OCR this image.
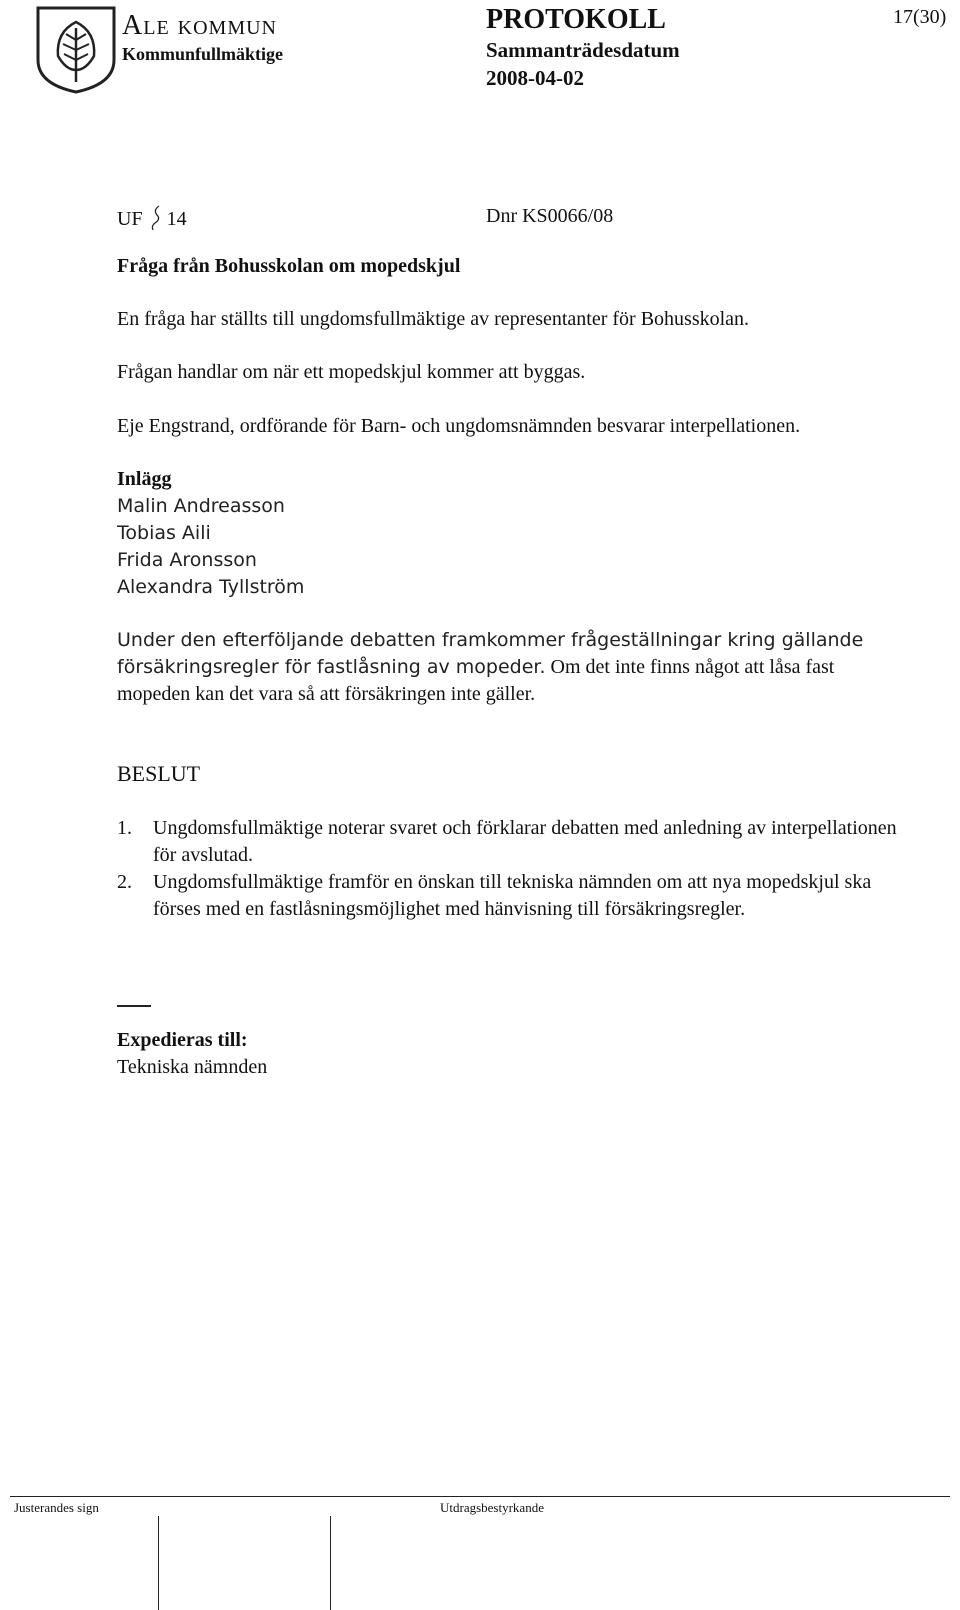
Ale kommun
Kommunfullmäktige
PROTOKOLL
Sammanträdesdatum
2008-04-02
17(30)
UF 14	Dnr KS0066/08
Fråga från Bohusskolan om mopedskjul
En fråga har ställts till ungdomsfullmäktige av representanter för Bohusskolan.
Frågan handlar om när ett mopedskjul kommer att byggas.
Eje Engstrand, ordförande för Barn- och ungdomsnämnden besvarar interpellationen.
Inlägg
Malin Andreasson
Tobias Aili
Frida Aronsson
Alexandra Tyllström
Under den efterföljande debatten framkommer frågeställningar kring gällande försäkringsregler för fastlåsning av mopeder. Om det inte finns något att låsa fast mopeden kan det vara så att försäkringen inte gäller.
BESLUT
1.	Ungdomsfullmäktige noterar svaret och förklarar debatten med anledning av interpellationen för avslutad.
2.	Ungdomsfullmäktige framför en önskan till tekniska nämnden om att nya mopedskjul ska förses med en fastlåsningsmöjlighet med hänvisning till försäkringsregler.
Expedieras till:
Tekniska nämnden
Justerandes sign	Utdragsbestyrkande
